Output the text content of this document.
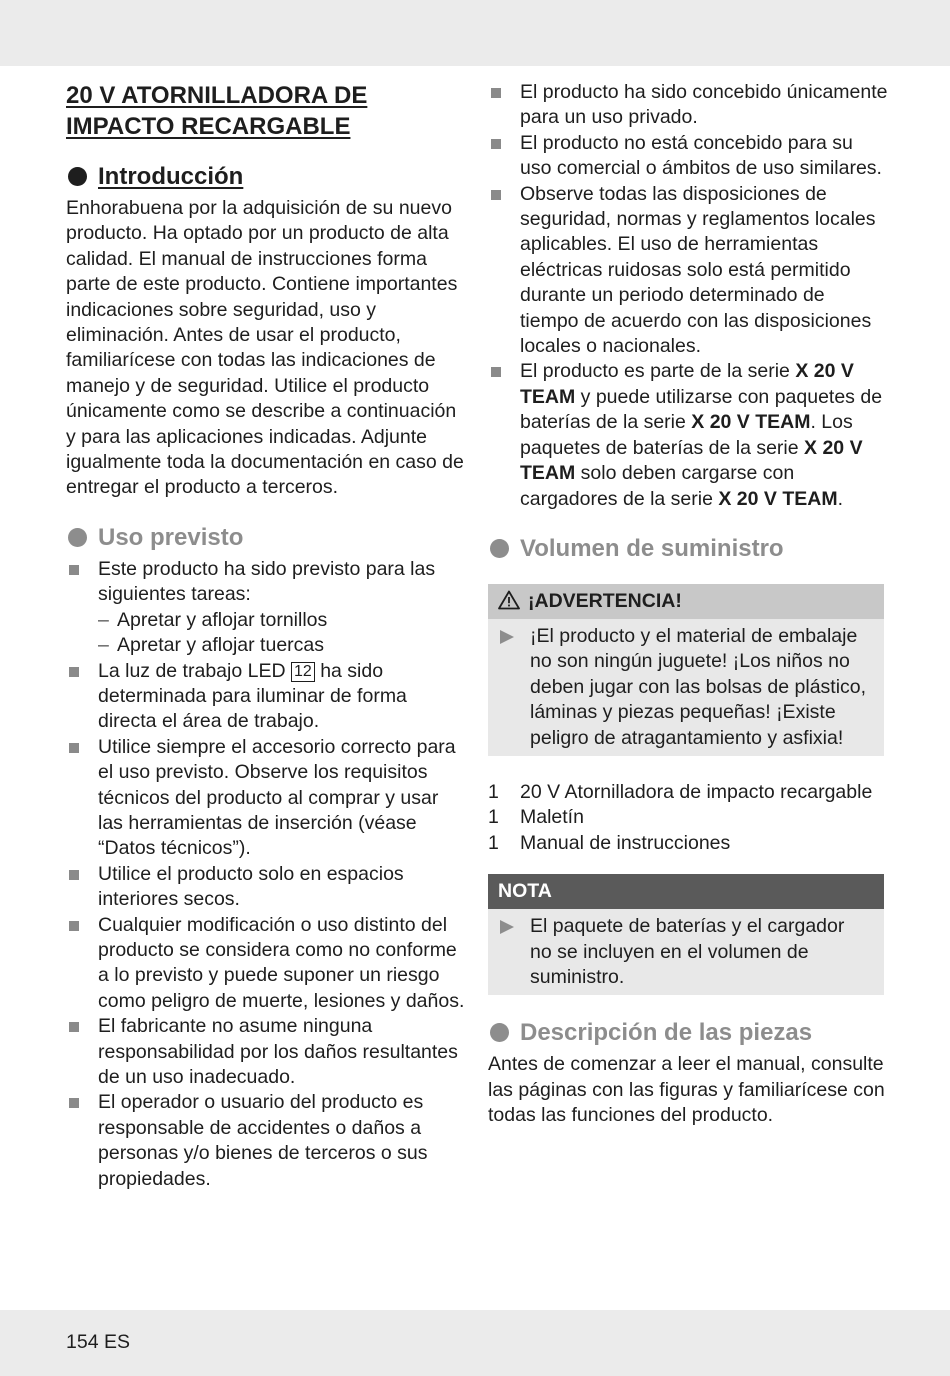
20 V ATORNILLADORA DE
IMPACTO RECARGABLE
Introducción

Enhorabuena por la adquisición de su nuevo producto. Ha optado por un producto de alta calidad. El manual de instrucciones forma parte de este producto. Contiene importantes indicaciones sobre seguridad, uso y eliminación. Antes de usar el producto, familiarícese con todas las indicaciones de manejo y de seguridad. Utilice el producto únicamente como se describe a continuación y para las aplicaciones indicadas. Adjunte igualmente toda la documentación en caso de entregar el producto a terceros.

Uso previsto
Este producto ha sido previsto para las siguientes tareas:
– Apretar y aflojar tornillos
– Apretar y aflojar tuercas
La luz de trabajo LED 12 ha sido determinada para iluminar de forma directa el área de trabajo.
Utilice siempre el accesorio correcto para el uso previsto. Observe los requisitos técnicos del producto al comprar y usar las herramientas de inserción (véase “Datos técnicos”).
Utilice el producto solo en espacios interiores secos.
Cualquier modificación o uso distinto del producto se considera como no conforme a lo previsto y puede suponer un riesgo como peligro de muerte, lesiones y daños.
El fabricante no asume ninguna responsabilidad por los daños resultantes de un uso inadecuado.
El operador o usuario del producto es responsable de accidentes o daños a personas y/o bienes de terceros o sus propiedades.
El producto ha sido concebido únicamente para un uso privado.
El producto no está concebido para su uso comercial o ámbitos de uso similares.
Observe todas las disposiciones de seguridad, normas y reglamentos locales aplicables. El uso de herramientas eléctricas ruidosas solo está permitido durante un periodo determinado de tiempo de acuerdo con las disposiciones locales o nacionales.
El producto es parte de la serie X 20 V TEAM y puede utilizarse con paquetes de baterías de la serie X 20 V TEAM. Los paquetes de baterías de la serie X 20 V TEAM solo deben cargarse con cargadores de la serie X 20 V TEAM.
Volumen de suministro
¡ADVERTENCIA!
¡El producto y el material de embalaje no son ningún juguete! ¡Los niños no deben jugar con las bolsas de plástico, láminas y piezas pequeñas! ¡Existe peligro de atragantamiento y asfixia!
1 20 V Atornilladora de impacto recargable
1 Maletín
1 Manual de instrucciones
NOTA
El paquete de baterías y el cargador no se incluyen en el volumen de suministro.
Descripción de las piezas

Antes de comenzar a leer el manual, consulte las páginas con las figuras y familiarícese con todas las funciones del producto.

154 ES
